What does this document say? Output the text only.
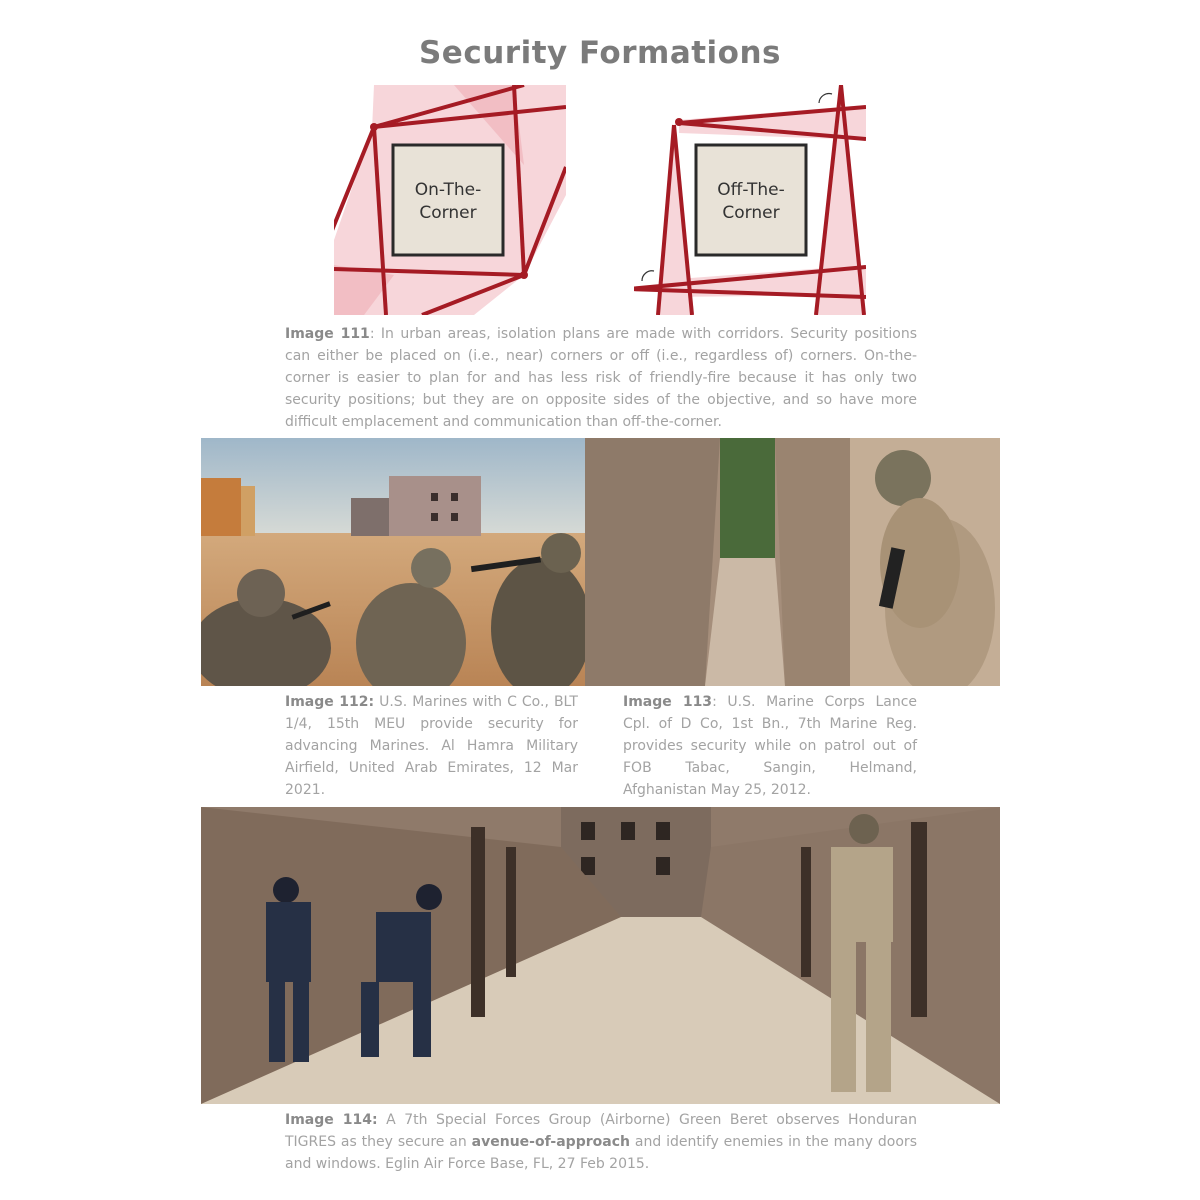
Security Formations
On-The-
Corner
Off-The-
Corner

Image 111: In urban areas, isolation plans are made with corridors. Security positions can either be placed on (i.e., near) corners or off (i.e., regardless of) corners. On-the-corner is easier to plan for and has less risk of friendly-fire because it has only two security positions; but they are on opposite sides of the objective, and so have more difficult emplacement and communication than off-the-corner.

Image 112: U.S. Marines with C Co., BLT 1/4, 15th MEU provide security for advancing Marines. Al Hamra Military Airfield, United Arab Emirates, 12 Mar 2021.

Image 113: U.S. Marine Corps Lance Cpl. of D Co, 1st Bn., 7th Marine Reg. provides security while on patrol out of FOB Tabac, Sangin, Helmand, Afghanistan May 25, 2012.

Image 114: A 7th Special Forces Group (Airborne) Green Beret observes Honduran TIGRES as they secure an avenue-of-approach and identify enemies in the many doors and windows. Eglin Air Force Base, FL, 27 Feb 2015.
